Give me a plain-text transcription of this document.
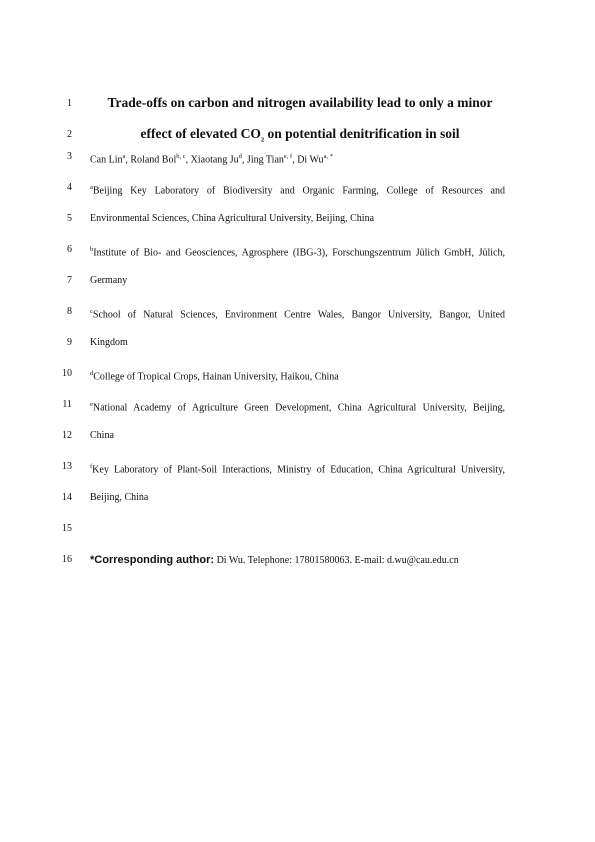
1	Trade-offs on carbon and nitrogen availability lead to only a minor
2	effect of elevated $CO_2$ on potential denitrification in soil
3 Can Lin$^a$, Roland Bol$^{b, c}$, Xiaotang Ju$^d$, Jing Tian$^{e, f}$, Di $Wu^{a, *}$
4	$^a$Beijing Key Laboratory of Biodiversity and Organic Farming, College of Resources and
5 Environmental Sciences, China Agricultural University, Beijing, China
6	$^b$Institute of Bio- and Geosciences, Agrosphere (IBG-3), Forschungszentrum Jülich GmbH, Jülich,
7 Germany
8	$^c$School of Natural Sciences, Environment Centre Wales, Bangor University, Bangor, United
9 Kingdom
10	$^d$College of Tropical Crops, Hainan University, Haikou, China
11	$^e$National Academy of Agriculture Green Development, China Agricultural University, Beijing,
12 China
13	$^f$Key Laboratory of Plant-Soil Interactions, Ministry of Education, China Agricultural University,
14 Beijing, China
15
16 *Corresponding author: Di Wu. Telephone: 17801580063. E-mail: d.wu@cau.edu.cn
